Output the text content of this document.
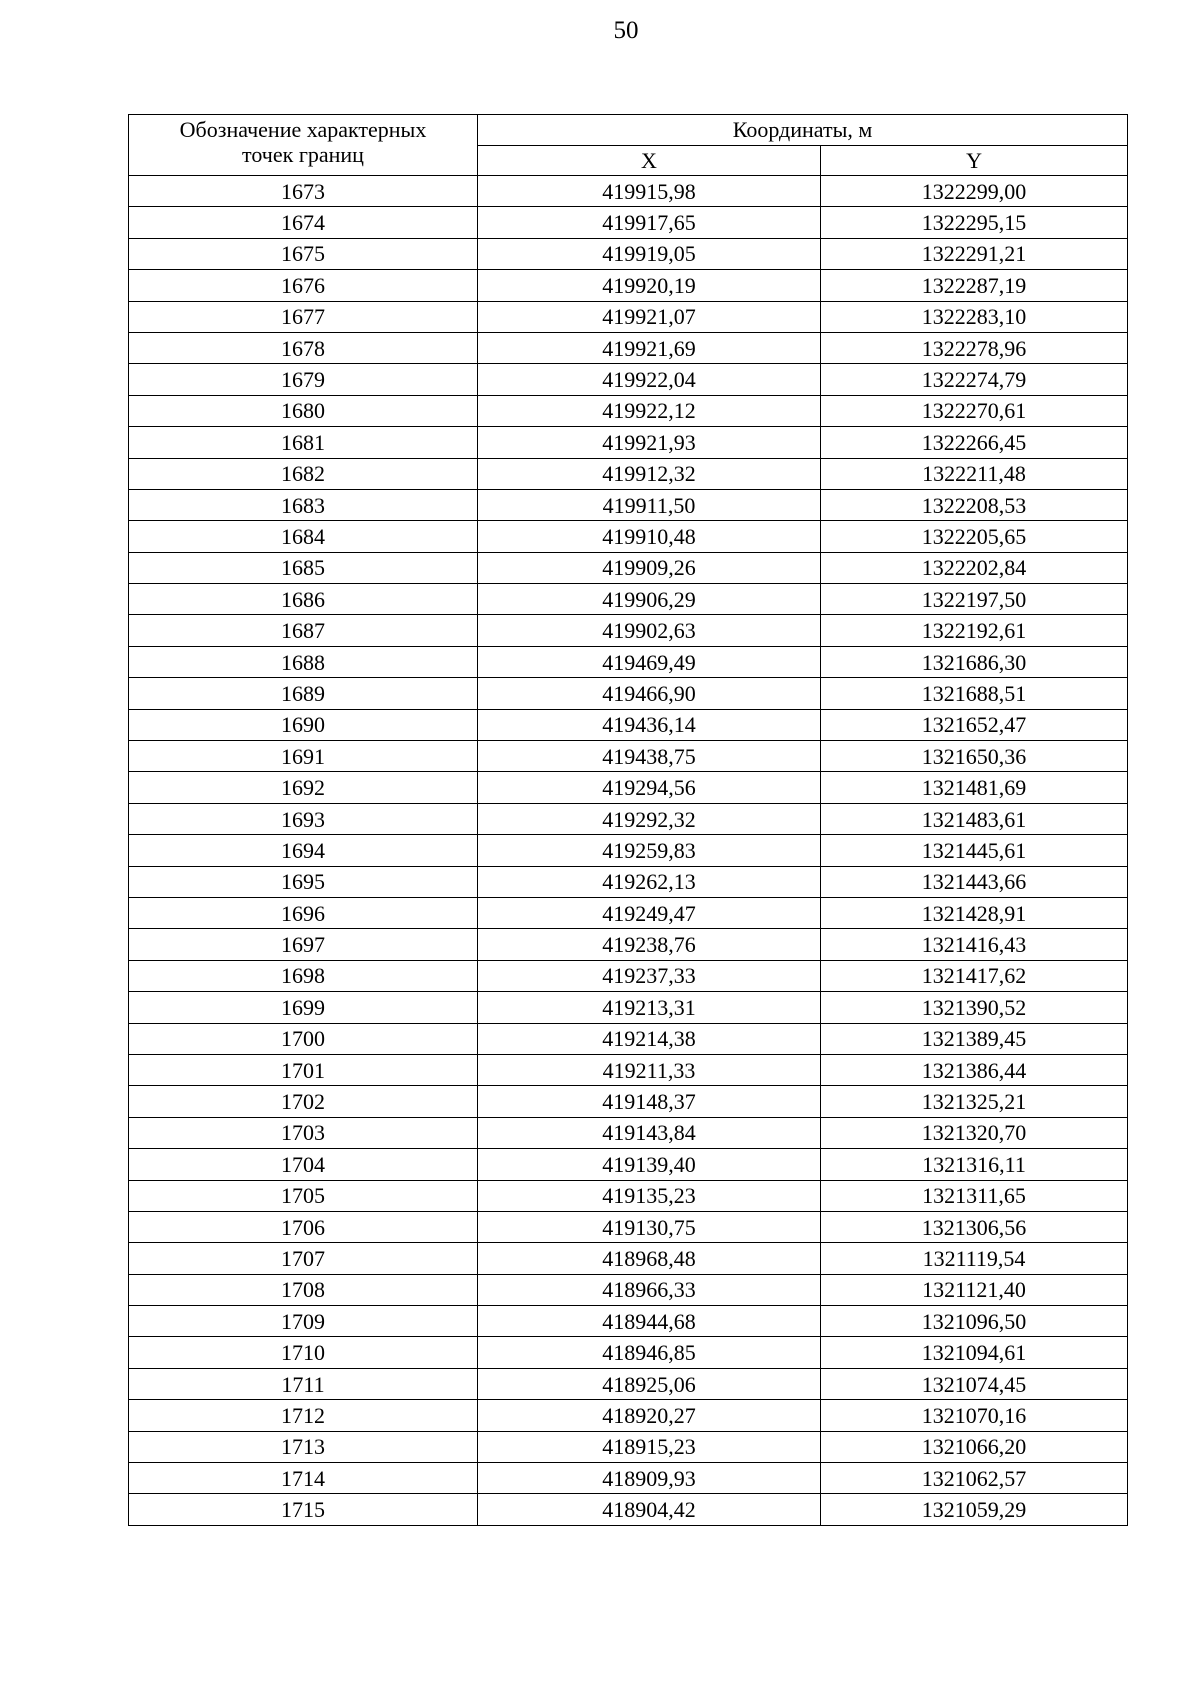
50
Обозначение характерных
точек границ	Координаты, м	
	X	Y
1673	419915,98	1322299,00
1674	419917,65	1322295,15
1675	419919,05	1322291,21
1676	419920,19	1322287,19
1677	419921,07	1322283,10
1678	419921,69	1322278,96
1679	419922,04	1322274,79
1680	419922,12	1322270,61
1681	419921,93	1322266,45
1682	419912,32	1322211,48
1683	419911,50	1322208,53
1684	419910,48	1322205,65
1685	419909,26	1322202,84
1686	419906,29	1322197,50
1687	419902,63	1322192,61
1688	419469,49	1321686,30
1689	419466,90	1321688,51
1690	419436,14	1321652,47
1691	419438,75	1321650,36
1692	419294,56	1321481,69
1693	419292,32	1321483,61
1694	419259,83	1321445,61
1695	419262,13	1321443,66
1696	419249,47	1321428,91
1697	419238,76	1321416,43
1698	419237,33	1321417,62
1699	419213,31	1321390,52
1700	419214,38	1321389,45
1701	419211,33	1321386,44
1702	419148,37	1321325,21
1703	419143,84	1321320,70
1704	419139,40	1321316,11
1705	419135,23	1321311,65
1706	419130,75	1321306,56
1707	418968,48	1321119,54
1708	418966,33	1321121,40
1709	418944,68	1321096,50
1710	418946,85	1321094,61
1711	418925,06	1321074,45
1712	418920,27	1321070,16
1713	418915,23	1321066,20
1714	418909,93	1321062,57
1715	418904,42	1321059,29
